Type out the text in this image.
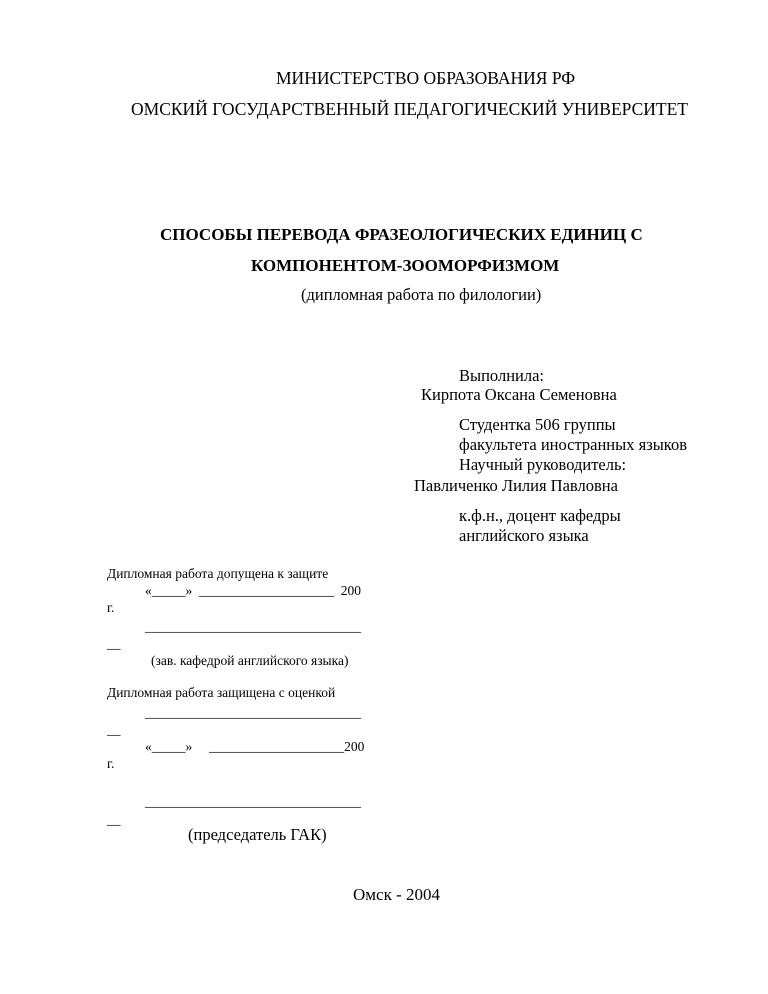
МИНИСТЕРСТВО ОБРАЗОВАНИЯ РФ
ОМСКИЙ ГОСУДАРСТВЕННЫЙ ПЕДАГОГИЧЕСКИЙ УНИВЕРСИТЕТ
СПОСОБЫ ПЕРЕВОДА ФРАЗЕОЛОГИЧЕСКИХ ЕДИНИЦ С
КОМПОНЕНТОМ-ЗООМОРФИЗМОМ
(дипломная работа по филологии)
Выполнила:
Кирпота Оксана Семеновна
Студентка 506 группы
факультета иностранных языков
Научный руководитель:
Павличенко Лилия Павловна
к.ф.н., доцент кафедры
английского языка
Дипломная работа допущена к защите
«_____»  ____________________  200
г.
________________________________
__
(зав. кафедрой английского языка)
Дипломная работа защищена с оценкой
________________________________
__
«_____»     ____________________200
г.
________________________________
__
(председатель ГАК)
Омск - 2004
